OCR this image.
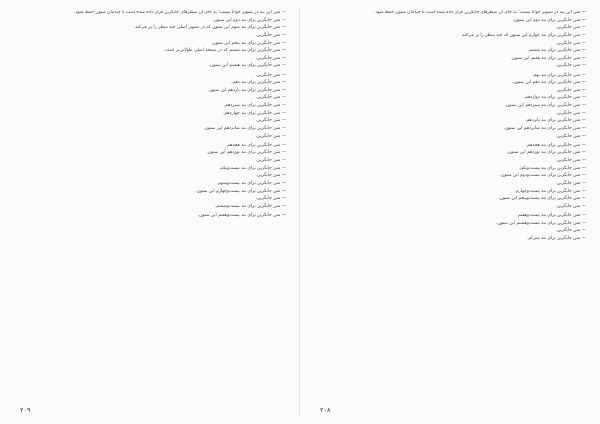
— متن این بند در تصویر خوانا نیست؛ به جای آن سطرهای جایگزین قرار داده شده است تا چیدمان ستون حفظ شود.

— متن جایگزین برای بند دوم این ستون.

— متن جایگزین برای بند سوم این ستون که در تصویر اصلی چند سطر را پر می‌کند.

— متن جایگزین.

— متن جایگزین برای بند پنجم این ستون.

— متن جایگزین برای بند ششم که در صفحهٔ اصلی طولانی‌تر است.

— متن جایگزین.

— متن جایگزین برای بند هشتم این ستون.

— متن جایگزین.

— متن جایگزین برای بند دهم.

— متن جایگزین برای بند یازدهم این ستون.

— متن جایگزین.

— متن جایگزین برای بند سیزدهم.

— متن جایگزین برای بند چهاردهم.

— متن جایگزین.

— متن جایگزین برای بند شانزدهم این ستون.

— متن جایگزین.

— متن جایگزین برای بند هجدهم.

— متن جایگزین برای بند نوزدهم این ستون.

— متن جایگزین.

— متن جایگزین برای بند بیست‌ویکم.

— متن جایگزین.

— متن جایگزین برای بند بیست‌وسوم.

— متن جایگزین برای بند بیست‌وچهارم این ستون.

— متن جایگزین.

— متن جایگزین برای بند بیست‌وششم.

— متن جایگزین برای بند بیست‌وهفتم این ستون.

۲۰۹

— متن این بند در تصویر خوانا نیست؛ به جای آن سطرهای جایگزین قرار داده شده است تا چیدمان ستون حفظ شود.

— متن جایگزین برای بند دوم این ستون.

— متن جایگزین.

— متن جایگزین برای بند چهارم این ستون که چند سطر را پر می‌کند.

— متن جایگزین.

— متن جایگزین برای بند ششم.

— متن جایگزین برای بند هفتم این ستون.

— متن جایگزین.

— متن جایگزین برای بند نهم.

— متن جایگزین برای بند دهم این ستون.

— متن جایگزین.

— متن جایگزین برای بند دوازدهم.

— متن جایگزین برای بند سیزدهم این ستون.

— متن جایگزین.

— متن جایگزین برای بند پانزدهم.

— متن جایگزین برای بند شانزدهم این ستون.

— متن جایگزین.

— متن جایگزین برای بند هجدهم.

— متن جایگزین برای بند نوزدهم این ستون.

— متن جایگزین.

— متن جایگزین برای بند بیست‌ویکم.

— متن جایگزین برای بند بیست‌ودوم این ستون.

— متن جایگزین.

— متن جایگزین برای بند بیست‌وچهارم.

— متن جایگزین برای بند بیست‌وپنجم این ستون.

— متن جایگزین.

— متن جایگزین برای بند بیست‌وهفتم.

— متن جایگزین برای بند بیست‌وهشتم این ستون.

— متن جایگزین.

— متن جایگزین برای بند سی‌ام.

۲۰۸
